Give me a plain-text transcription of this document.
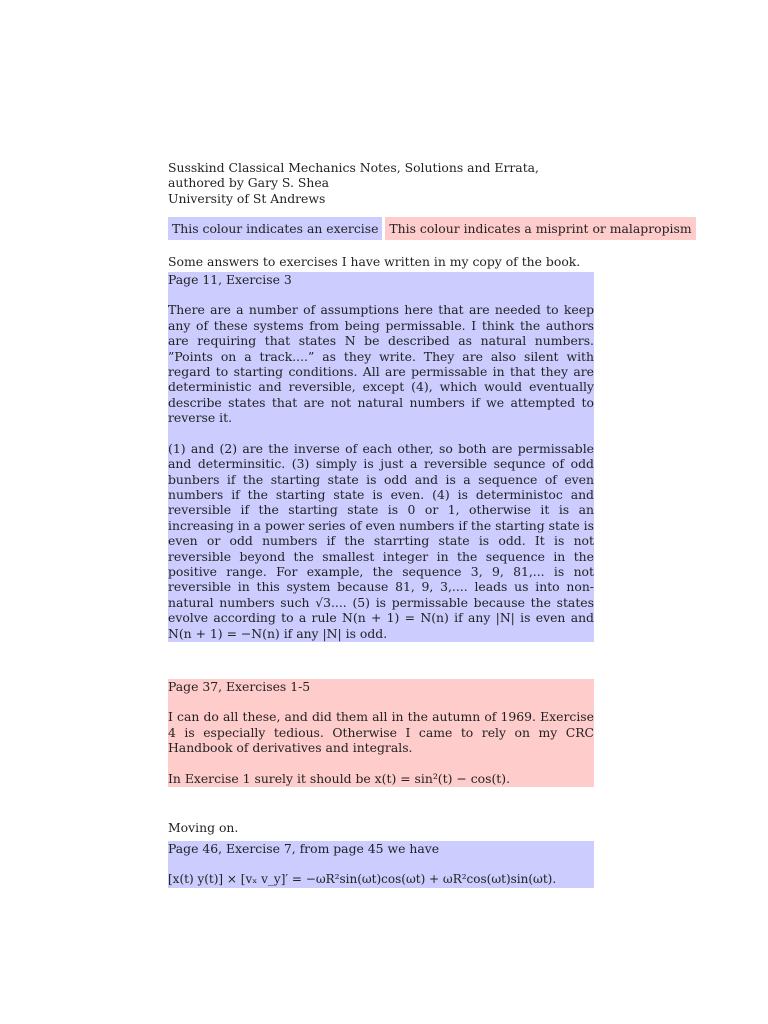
Susskind Classical Mechanics Notes, Solutions and Errata,
authored by Gary S. Shea
University of St Andrews
This colour indicates an exercise This colour indicates a misprint or malapropism
Some answers to exercises I have written in my copy of the book.
Page 11, Exercise 3
There are a number of assumptions here that are needed to keep any of these systems from being permissable. I think the authors are requiring that states N be described as natural numbers. ”Points on a track....” as they write. They are also silent with regard to starting conditions. All are permissable in that they are deterministic and reversible, except (4), which would eventually describe states that are not natural numbers if we attempted to reverse it.
(1) and (2) are the inverse of each other, so both are permissable and determinsitic. (3) simply is just a reversible sequnce of odd bunbers if the starting state is odd and is a sequence of even numbers if the starting state is even. (4) is deterministoc and reversible if the starting state is 0 or 1, otherwise it is an increasing in a power series of even numbers if the starting state is even or odd numbers if the starrting state is odd. It is not reversible beyond the smallest integer in the sequence in the positive range. For example, the sequence 3, 9, 81,... is not reversible in this system because 81, 9, 3,.... leads us into non-natural numbers such √3.... (5) is permissable because the states evolve according to a rule N(n + 1) = N(n) if any |N| is even and N(n + 1) = −N(n) if any |N| is odd.
Page 37, Exercises 1-5
I can do all these, and did them all in the autumn of 1969. Exercise 4 is especially tedious. Otherwise I came to rely on my CRC Handbook of derivatives and integrals.
In Exercise 1 surely it should be x(t) = sin²(t) − cos(t).
Moving on.
Page 46, Exercise 7, from page 45 we have
[x(t) y(t)] × [vₓ v_y]′ = −ωR²sin(ωt)cos(ωt) + ωR²cos(ωt)sin(ωt).
